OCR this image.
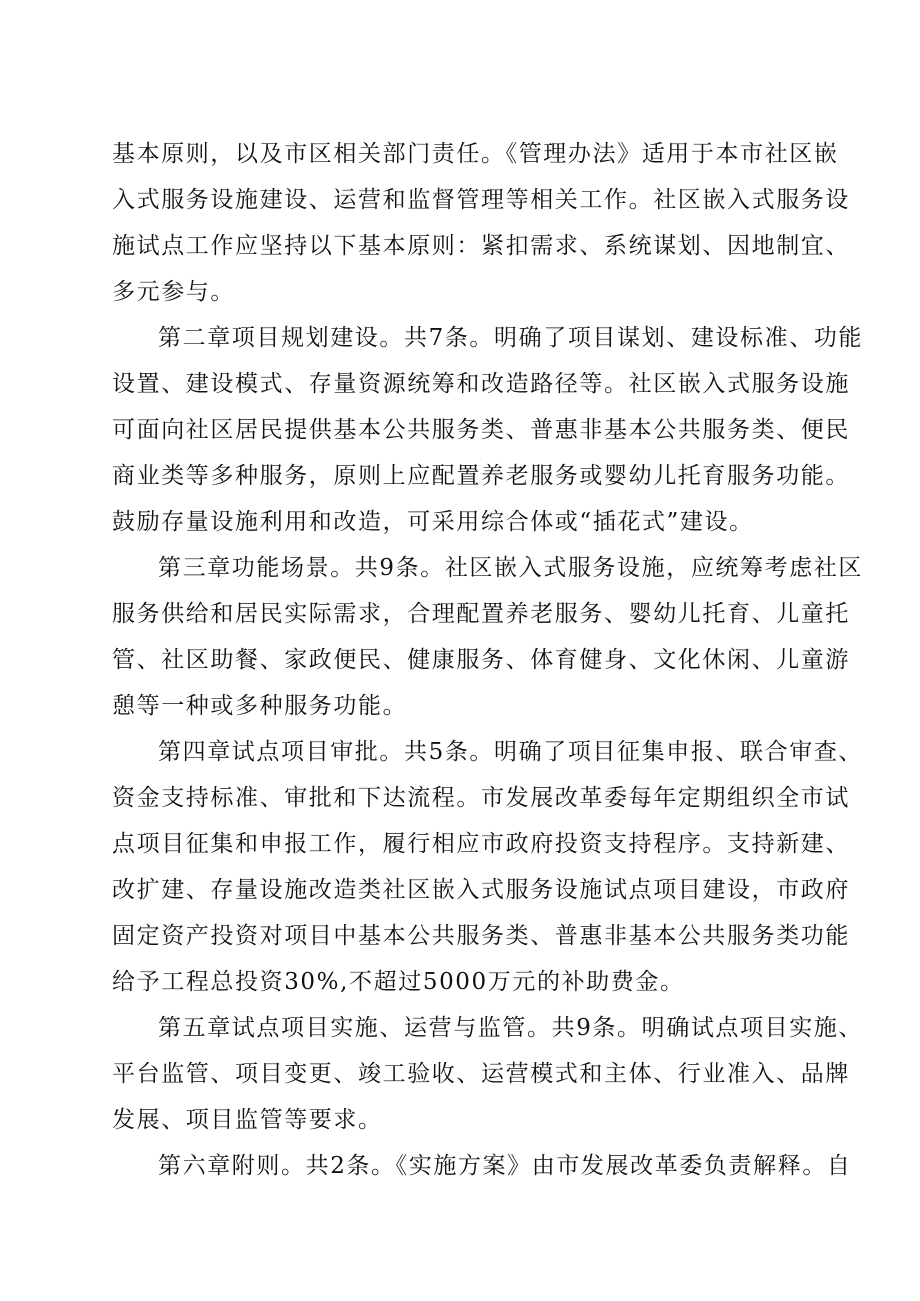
基本原则，以及市区相关部门责任。《管理办法》适用于本市社区嵌
入式服务设施建设、运营和监督管理等相关工作。社区嵌入式服务设
施试点工作应坚持以下基本原则：紧扣需求、系统谋划、因地制宜、
多元参与。
第二章项目规划建设。共7条。明确了项目谋划、建设标准、功能
设置、建设模式、存量资源统筹和改造路径等。社区嵌入式服务设施
可面向社区居民提供基本公共服务类、普惠非基本公共服务类、便民
商业类等多种服务，原则上应配置养老服务或婴幼儿托育服务功能。
鼓励存量设施利用和改造，可采用综合体或“插花式”建设。
第三章功能场景。共9条。社区嵌入式服务设施，应统筹考虑社区
服务供给和居民实际需求，合理配置养老服务、婴幼儿托育、儿童托
管、社区助餐、家政便民、健康服务、体育健身、文化休闲、儿童游
憩等一种或多种服务功能。
第四章试点项目审批。共5条。明确了项目征集申报、联合审查、
资金支持标准、审批和下达流程。市发展改革委每年定期组织全市试
点项目征集和申报工作，履行相应市政府投资支持程序。支持新建、
改扩建、存量设施改造类社区嵌入式服务设施试点项目建设，市政府
固定资产投资对项目中基本公共服务类、普惠非基本公共服务类功能
给予工程总投资30%,不超过5000万元的补助费金。
第五章试点项目实施、运营与监管。共9条。明确试点项目实施、
平台监管、项目变更、竣工验收、运营模式和主体、行业准入、品牌
发展、项目监管等要求。
第六章附则。共2条。《实施方案》由市发展改革委负责解释。自
